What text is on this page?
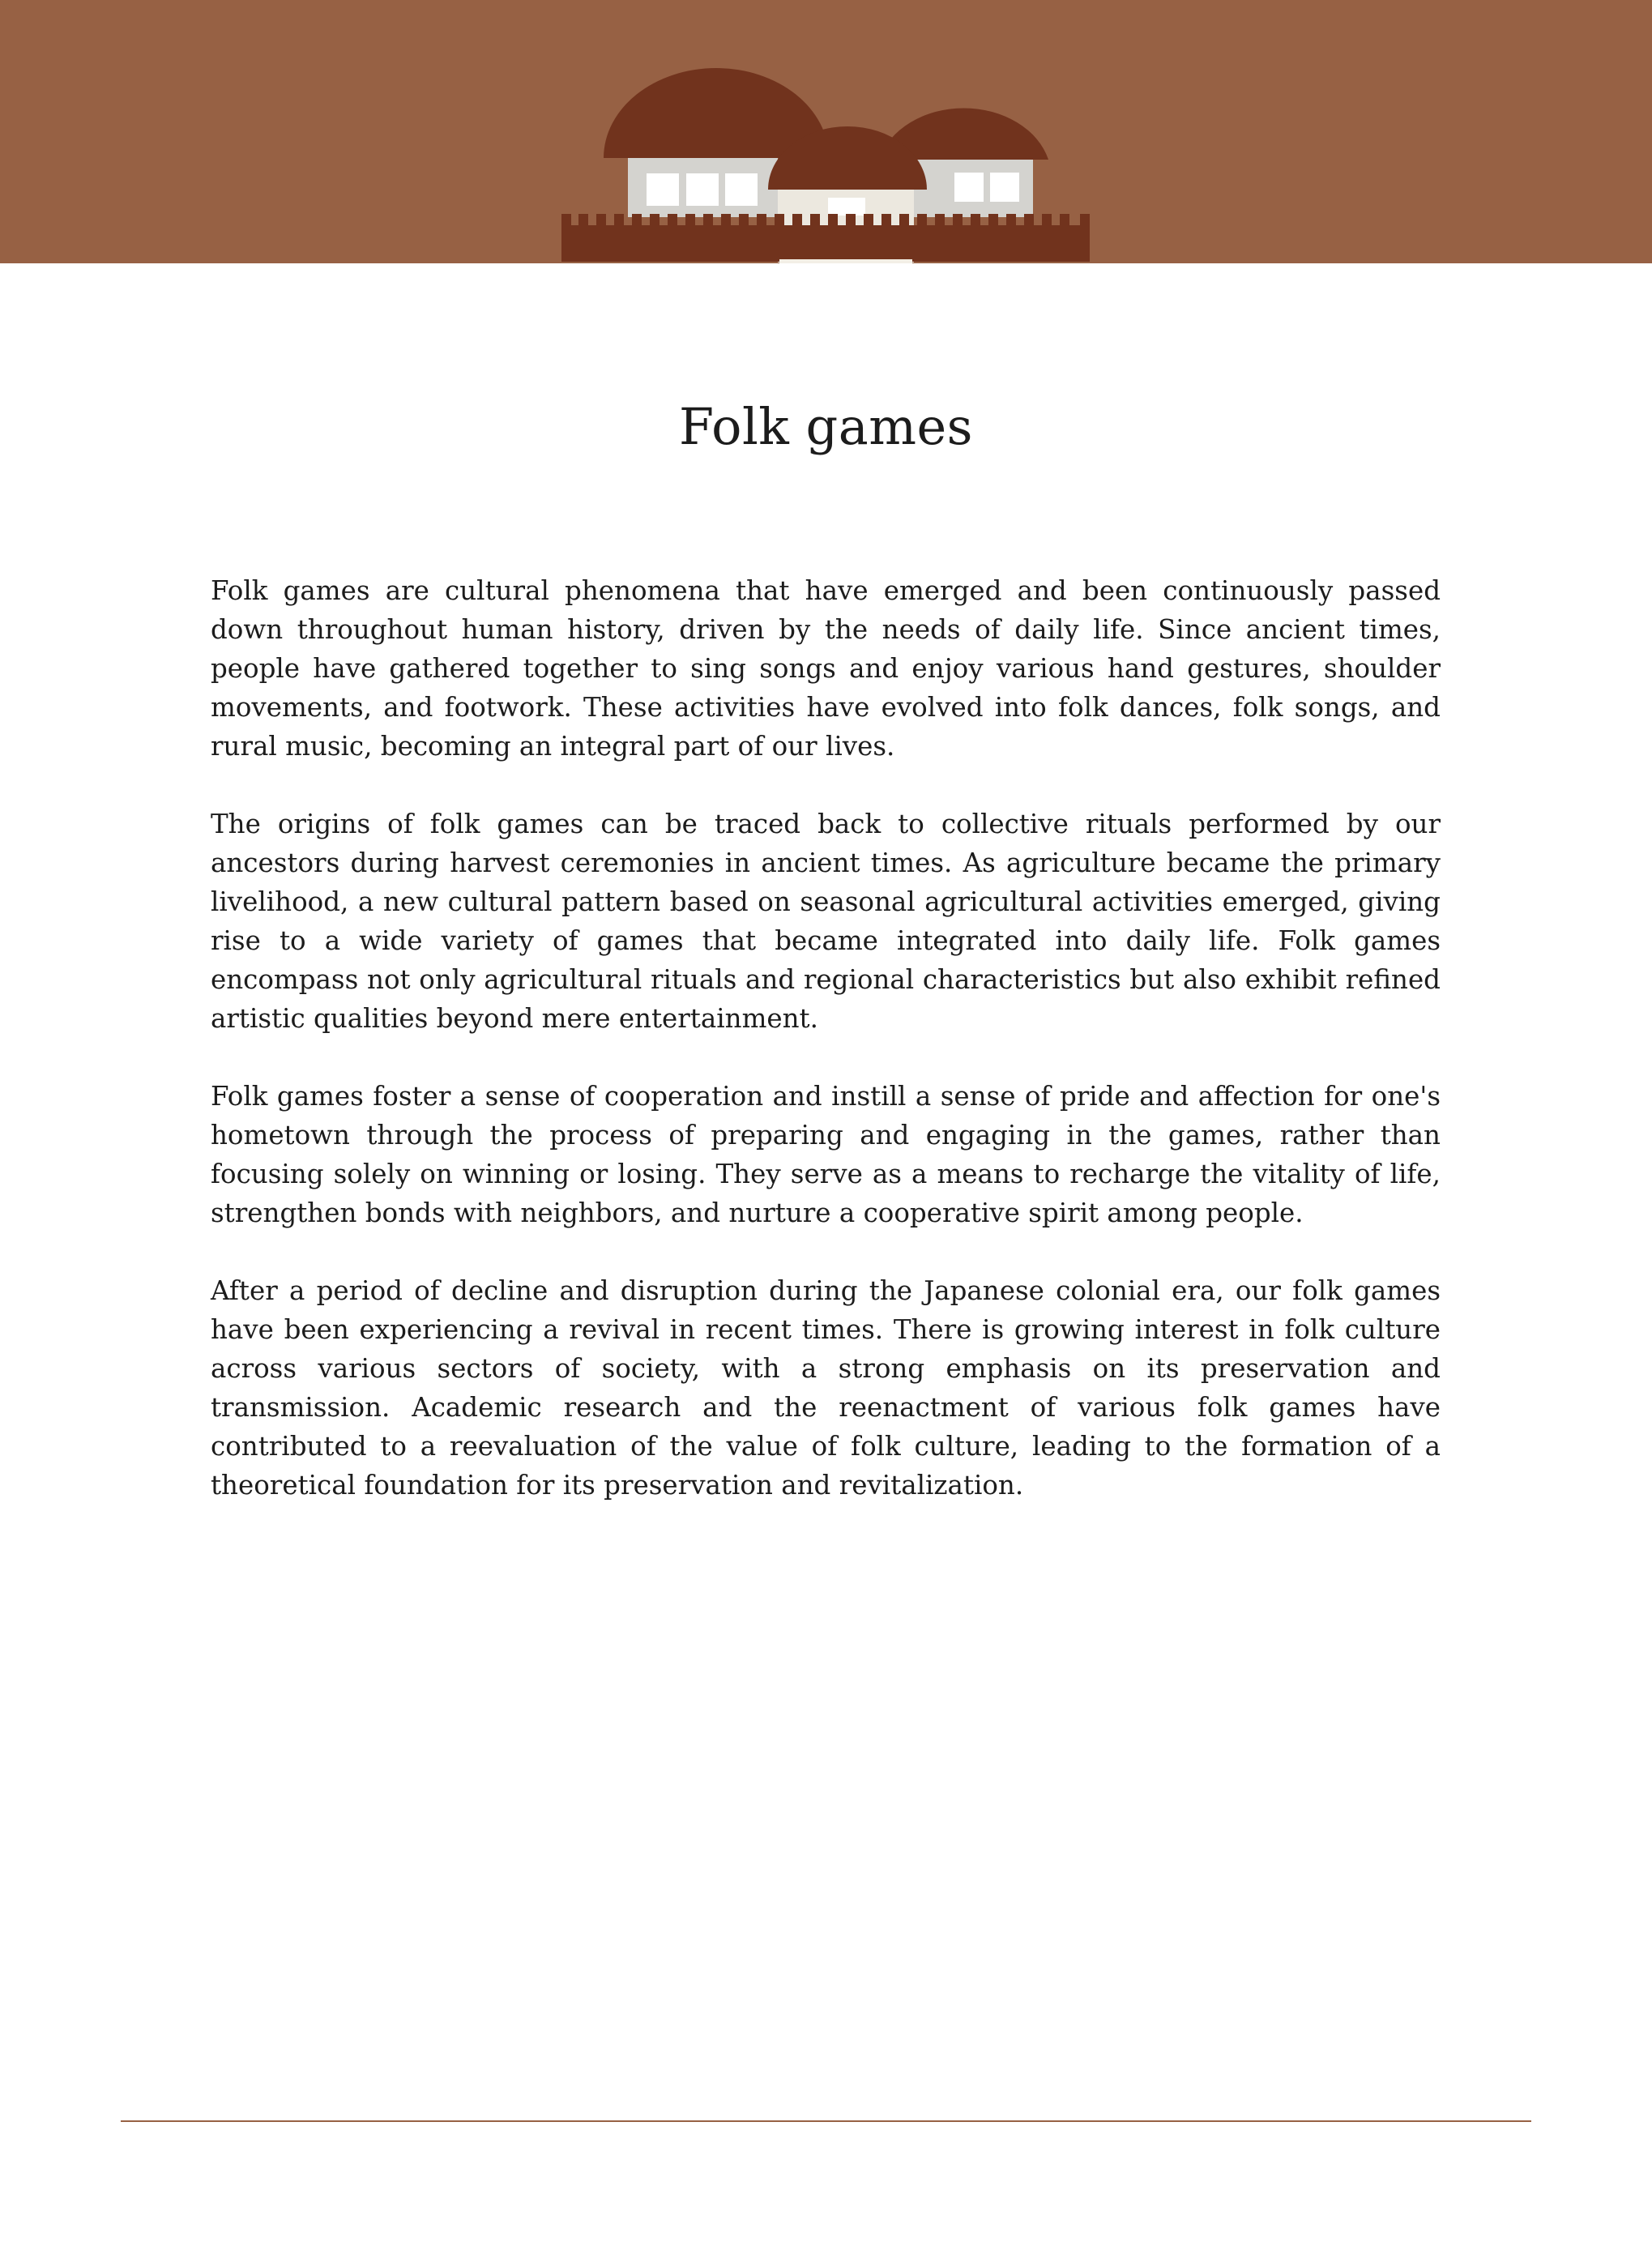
Folk games

Folk games are cultural phenomena that have emerged and been continuously passed down throughout human history, driven by the needs of daily life. Since ancient times, people have gathered together to sing songs and enjoy various hand gestures, shoulder movements, and footwork. These activities have evolved into folk dances, folk songs, and rural music, becoming an integral part of our lives.

The origins of folk games can be traced back to collective rituals performed by our ancestors during harvest ceremonies in ancient times. As agriculture became the primary livelihood, a new cultural pattern based on seasonal agricultural activities emerged, giving rise to a wide variety of games that became integrated into daily life. Folk games encompass not only agricultural rituals and regional characteristics but also exhibit refined artistic qualities beyond mere entertainment.

Folk games foster a sense of cooperation and instill a sense of pride and affection for one's hometown through the process of preparing and engaging in the games, rather than focusing solely on winning or losing. They serve as a means to recharge the vitality of life, strengthen bonds with neighbors, and nurture a cooperative spirit among people.

After a period of decline and disruption during the Japanese colonial era, our folk games have been experiencing a revival in recent times. There is growing interest in folk culture across various sectors of society, with a strong emphasis on its preservation and transmission. Academic research and the reenactment of various folk games have contributed to a reevaluation of the value of folk culture, leading to the formation of a theoretical foundation for its preservation and revitalization.
